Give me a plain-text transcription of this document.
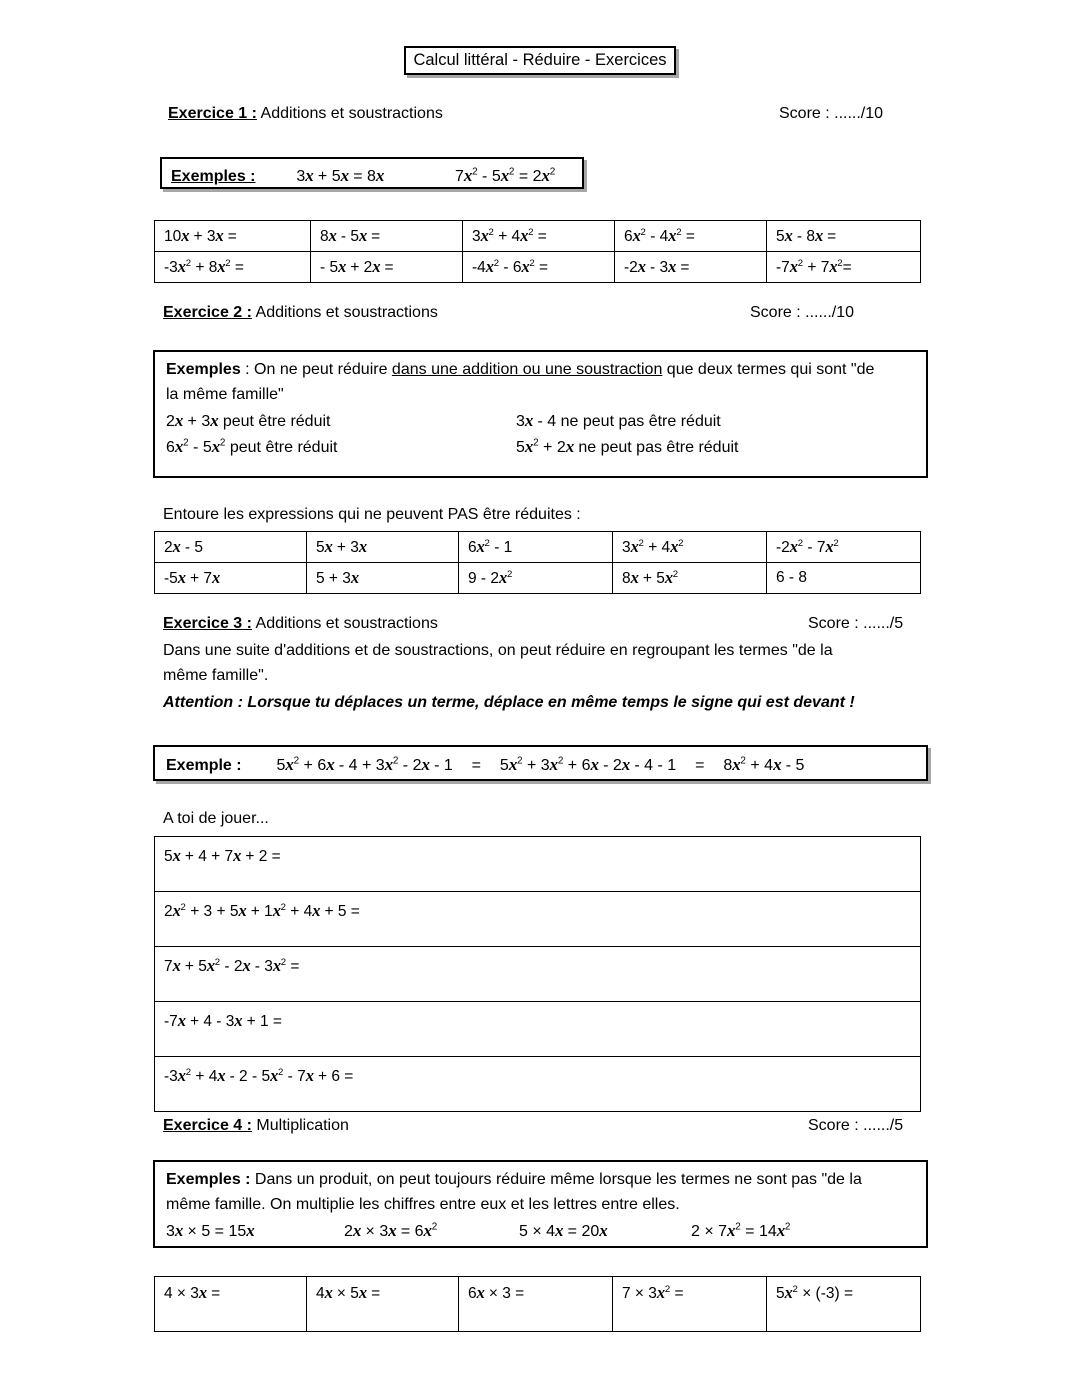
Calcul littéral - Réduire - Exercices
Exercice 1 : Additions et soustractions	Score : ....../10
Exemples :	3x + 5x = 8x	$7x^2 - 5x^2 = 2x^2$
10x + 3x =	8x - 5x =	$3x^2 + 4x^2$ =	$6x^2 - 4x^2$ =	5x - 8x =
$-3x^2 + 8x^2$ =	- 5x + 2x =	$-4x^2 - 6x^2$ =	-2x - 3x =	$-7x^2 + 7x^2=$
Exercice 2 : Additions et soustractions	Score : ....../10
Exemples : On ne peut réduire dans une addition ou une soustraction que deux termes qui sont "de
la même famille"
2x + 3x peut être réduit	3x - 4 ne peut pas être réduit
$6x^2 - 5x^2$ peut être réduit	$5x^2 + 2x$ ne peut pas être réduit
Entoure les expressions qui ne peuvent PAS être réduites :
2x - 5	5x + 3x	$6x^2 - 1$	$3x^2 + 4x^2$	$-2x^2 - 7x^2$
-5x + 7x	5 + 3x	$9 - 2x^2$	$8x + 5x^2$	6 - 8
Exercice 3 : Additions et soustractions	Score : ....../5
Dans une suite d'additions et de soustractions, on peut réduire en regroupant les termes "de la
même famille".
Attention : Lorsque tu déplaces un terme, déplace en même temps le signe qui est devant !
Exemple : $5x^2 + 6x - 4 + 3x^2 - 2x - 1 = 5x^2 + 3x^2 + 6x - 2x - 4 - 1 = 8x^2 + 4x - 5$
A toi de jouer...
5x + 4 + 7x + 2 =
$2x^2 + 3 + 5x + 1x^2 + 4x + 5$ =
$7x + 5x^2 - 2x - 3x^2$ =
-7x + 4 - 3x + 1 =
$-3x^2 + 4x - 2 - 5x^2 - 7x + 6$ =
Exercice 4 : Multiplication	Score : ....../5
Exemples : Dans un produit, on peut toujours réduire même lorsque les termes ne sont pas "de la
même famille. On multiplie les chiffres entre eux et les lettres entre elles.
3x × 5 = 15x	$2x \times 3x = 6x^2$	5 × 4x = 20x	$2 \times 7x^2 = 14x^2$
4 × 3x =	4x × 5x =	6x × 3 =	$7 \times 3x^2$ =	$5x^2 \times (-3)$ =
